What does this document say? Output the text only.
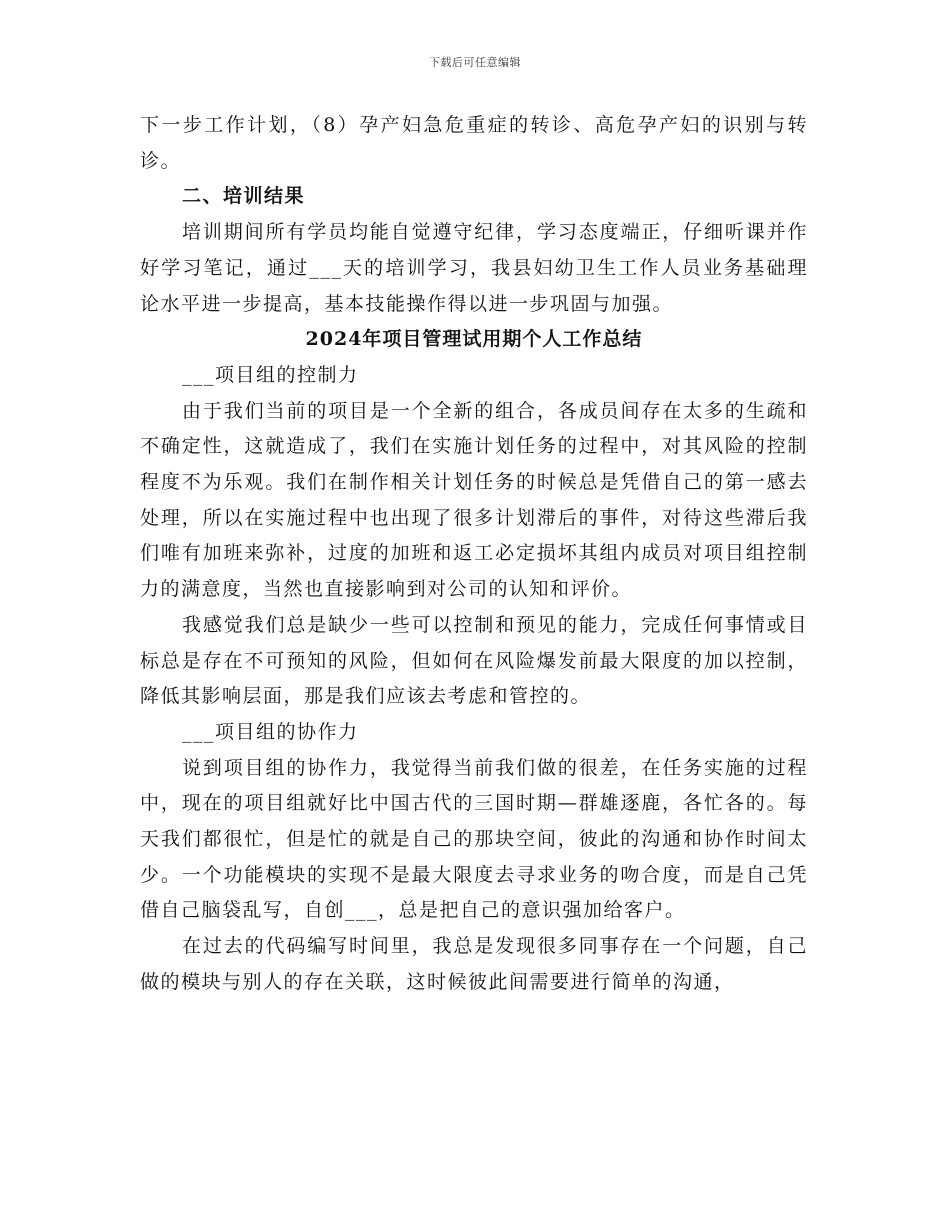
下载后可任意编辑

下一步工作计划，（8）孕产妇急危重症的转诊、高危孕产妇的识别与转诊。

二、培训结果

培训期间所有学员均能自觉遵守纪律，学习态度端正，仔细听课并作好学习笔记，通过___天的培训学习，我县妇幼卫生工作人员业务基础理论水平进一步提高，基本技能操作得以进一步巩固与加强。

2024年项目管理试用期个人工作总结

___项目组的控制力

由于我们当前的项目是一个全新的组合，各成员间存在太多的生疏和不确定性，这就造成了，我们在实施计划任务的过程中，对其风险的控制程度不为乐观。我们在制作相关计划任务的时候总是凭借自己的第一感去处理，所以在实施过程中也出现了很多计划滞后的事件，对待这些滞后我们唯有加班来弥补，过度的加班和返工必定损坏其组内成员对项目组控制力的满意度，当然也直接影响到对公司的认知和评价。

我感觉我们总是缺少一些可以控制和预见的能力，完成任何事情或目标总是存在不可预知的风险，但如何在风险爆发前最大限度的加以控制，降低其影响层面，那是我们应该去考虑和管控的。

___项目组的协作力

说到项目组的协作力，我觉得当前我们做的很差，在任务实施的过程中，现在的项目组就好比中国古代的三国时期—群雄逐鹿，各忙各的。每天我们都很忙，但是忙的就是自己的那块空间，彼此的沟通和协作时间太少。一个功能模块的实现不是最大限度去寻求业务的吻合度，而是自己凭借自己脑袋乱写，自创___，总是把自己的意识强加给客户。

在过去的代码编写时间里，我总是发现很多同事存在一个问题，自己做的模块与别人的存在关联，这时候彼此间需要进行简单的沟通，
